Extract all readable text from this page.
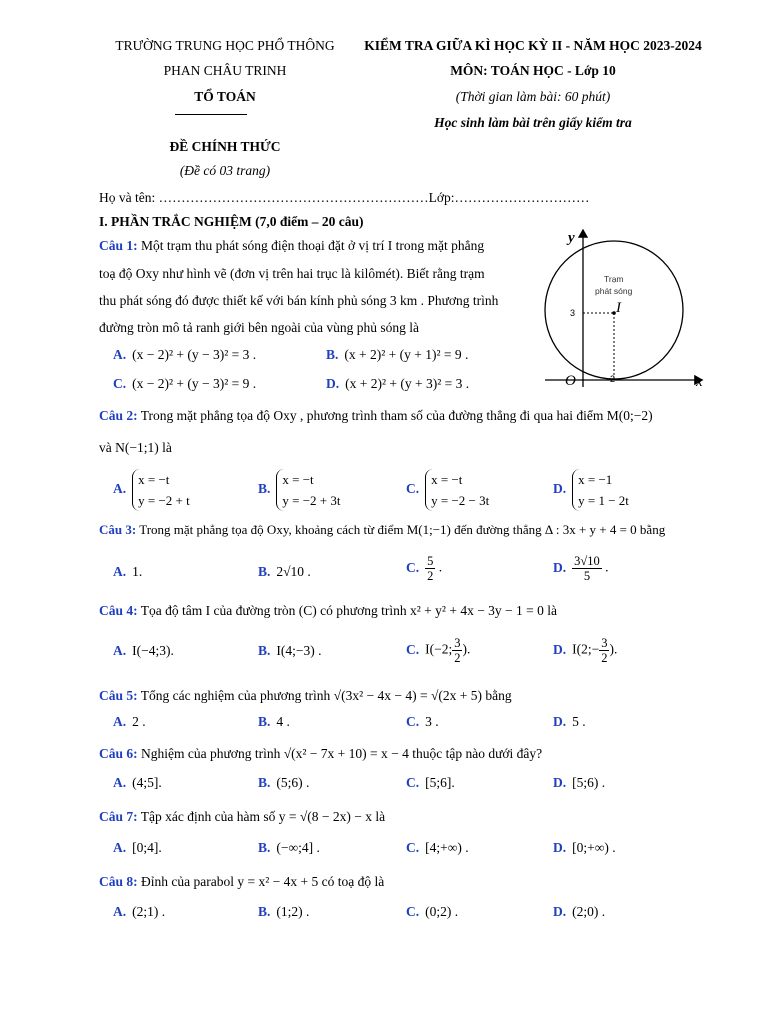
TRƯỜNG TRUNG HỌC PHỔ THÔNG
PHAN CHÂU TRINH
TỔ TOÁN
KIỂM TRA GIỮA KÌ HỌC KỲ II - NĂM HỌC 2023-2024
MÔN: TOÁN HỌC - Lớp 10
(Thời gian làm bài: 60 phút)
Học sinh làm bài trên giấy kiểm tra
ĐỀ CHÍNH THỨC
(Đề có 03 trang)
Họ và tên: ……………………………………………………Lớp:…………………………
I. PHẦN TRẮC NGHIỆM (7,0 điểm – 20 câu)
y
x
O	2
3	I
Trạm
phát sóng
Câu 1: Một trạm thu phát sóng điện thoại đặt ở vị trí I trong mặt phẳng
toạ độ Oxy như hình vẽ (đơn vị trên hai trục là kilômét). Biết rằng trạm
thu phát sóng đó được thiết kế với bán kính phủ sóng 3 km . Phương trình
đường tròn mô tả ranh giới bên ngoài của vùng phủ sóng là
A. (x − 2)² + (y − 3)² = 3 .	B. (x + 2)² + (y + 1)² = 9 .
C. (x − 2)² + (y − 3)² = 9 .	D. (x + 2)² + (y + 3)² = 3 .
Câu 2: Trong mặt phẳng tọa độ Oxy , phương trình tham số của đường thẳng đi qua hai điểm M(0;−2)
và N(−1;1) là
A.x = −t
y = −2 + t
B.x = −t
y = −2 + 3t
C.x = −t
y = −2 − 3t
D.x = −1
y = 1 − 2t
Câu 3: Trong mặt phẳng tọa độ Oxy, khoảng cách từ điểm M(1;−1) đến đường thẳng Δ : 3x + y + 4 = 0 bằng
A. 1.	B. 2√10 .	C. $\frac{5}{2}$ .	D. $\frac{3√10}{5}$ .
Câu 4: Tọa độ tâm I của đường tròn (C) có phương trình x² + y² + 4x − 3y − 1 = 0 là
A. I(−4;3).	B. I(4;−3) .	C. I(−2; $\frac{3}{2}$ ).	D. I(2;− $\frac{3}{2}$ ).
Câu 5: Tổng các nghiệm của phương trình √(3x² − 4x − 4) = √(2x + 5) bằng
A. 2 .	B. 4 .	C. 3 .	D. 5 .
Câu 6: Nghiệm của phương trình √(x² − 7x + 10) = x − 4 thuộc tập nào dưới đây?
A. (4;5].	B. (5;6) .	C. [5;6].	D. [5;6) .
Câu 7: Tập xác định của hàm số y = √(8 − 2x) − x là
A. [0;4].	B. (−∞;4] .	C. [4;+∞) .	D. [0;+∞) .
Câu 8: Đỉnh của parabol y = x² − 4x + 5 có toạ độ là
A. (2;1) .	B. (1;2) .	C. (0;2) .	D. (2;0) .
